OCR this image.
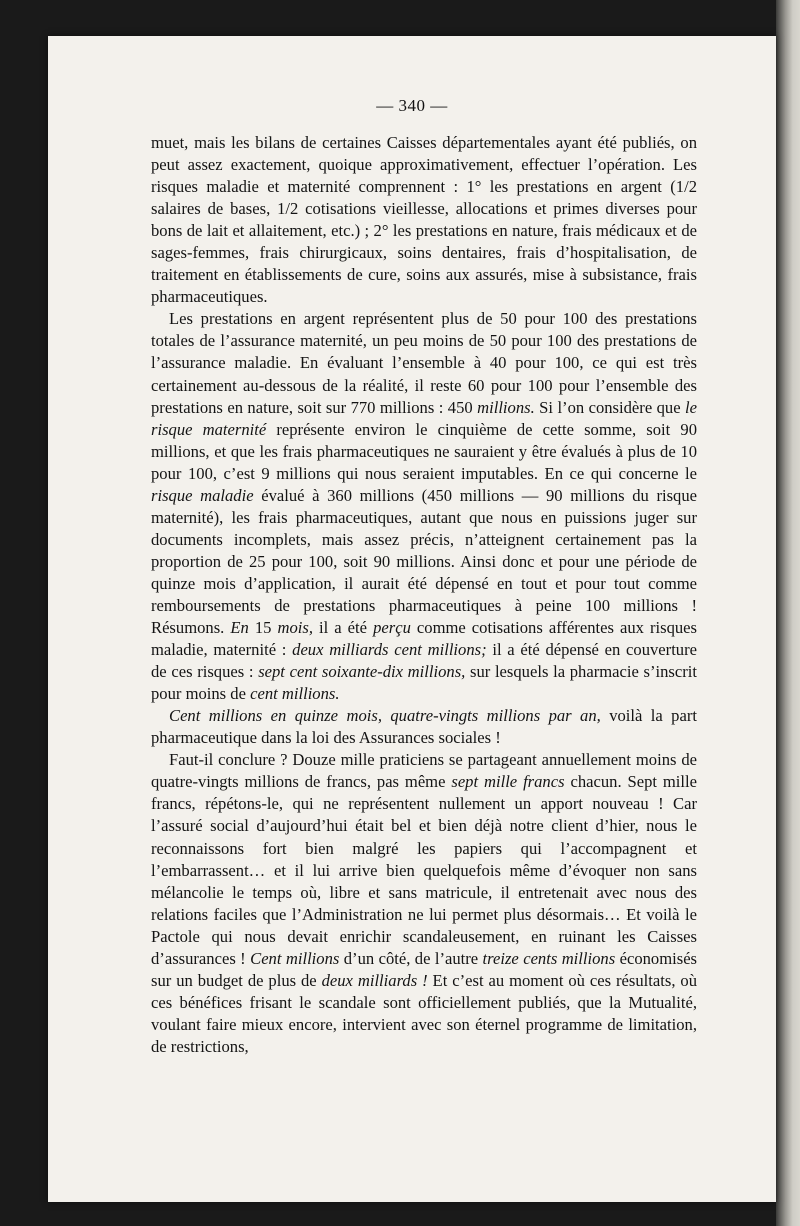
— 340 —

muet, mais les bilans de certaines Caisses départementales ayant été publiés, on peut assez exactement, quoique approximativement, effectuer l’opération. Les risques maladie et maternité comprennent : 1° les prestations en argent (1/2 salaires de bases, 1/2 cotisations vieillesse, allocations et primes diverses pour bons de lait et allaitement, etc.) ; 2° les prestations en nature, frais médicaux et de sages-femmes, frais chirurgicaux, soins dentaires, frais d’hospitalisation, de traitement en établissements de cure, soins aux assurés, mise à subsistance, frais pharmaceutiques.

Les prestations en argent représentent plus de 50 pour 100 des prestations totales de l’assurance maternité, un peu moins de 50 pour 100 des prestations de l’assurance maladie. En évaluant l’ensemble à 40 pour 100, ce qui est très certainement au-dessous de la réalité, il reste 60 pour 100 pour l’ensemble des prestations en nature, soit sur 770 millions : 450 millions. Si l’on considère que le risque maternité représente environ le cinquième de cette somme, soit 90 millions, et que les frais pharmaceutiques ne sauraient y être évalués à plus de 10 pour 100, c’est 9 millions qui nous seraient imputables. En ce qui concerne le risque maladie évalué à 360 millions (450 millions — 90 millions du risque maternité), les frais pharmaceutiques, autant que nous en puissions juger sur documents incomplets, mais assez précis, n’atteignent certainement pas la proportion de 25 pour 100, soit 90 millions. Ainsi donc et pour une période de quinze mois d’application, il aurait été dépensé en tout et pour tout comme remboursements de prestations pharmaceutiques à peine 100 millions ! Résumons. En 15 mois, il a été perçu comme cotisations afférentes aux risques maladie, maternité : deux milliards cent millions; il a été dépensé en couverture de ces risques : sept cent soixante-dix millions, sur lesquels la pharmacie s’inscrit pour moins de cent millions.

Cent millions en quinze mois, quatre-vingts millions par an, voilà la part pharmaceutique dans la loi des Assurances sociales !

Faut-il conclure ? Douze mille praticiens se partageant annuellement moins de quatre-vingts millions de francs, pas même sept mille francs chacun. Sept mille francs, répétons-le, qui ne représentent nullement un apport nouveau ! Car l’assuré social d’aujourd’hui était bel et bien déjà notre client d’hier, nous le reconnaissons fort bien malgré les papiers qui l’accompagnent et l’embarrassent… et il lui arrive bien quelquefois même d’évoquer non sans mélancolie le temps où, libre et sans matricule, il entretenait avec nous des relations faciles que l’Administration ne lui permet plus désormais… Et voilà le Pactole qui nous devait enrichir scandaleusement, en ruinant les Caisses d’assurances ! Cent millions d’un côté, de l’autre treize cents millions économisés sur un budget de plus de deux milliards ! Et c’est au moment où ces résultats, où ces bénéfices frisant le scandale sont officiellement publiés, que la Mutualité, voulant faire mieux encore, intervient avec son éternel programme de limitation, de restrictions,
